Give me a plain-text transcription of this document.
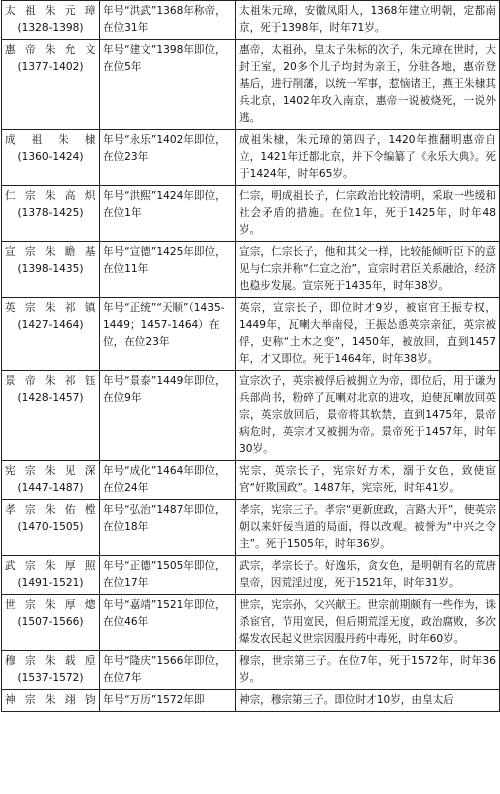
太祖朱元璋
(1328-1398)	年号“洪武”1368年称帝，在位31年	太祖朱元璋，安徽凤阳人，1368年建立明朝，定都南京，死于1398年，时年71岁。

惠帝朱允文
(1377-1402)	年号“建文”1398年即位，在位5年	惠帝，太祖孙，皇太子朱标的次子，朱元璋在世时，大封王室，20多个儿子均封为亲王，分驻各地，惠帝登基后，进行削藩，以统一军事，惹恼诸王，燕王朱棣其兵北京，1402年攻入南京，惠帝一说被烧死，一说外逃。

成祖朱棣
(1360-1424)	年号“永乐”1402年即位，在位23年	成祖朱棣，朱元璋的第四子，1420年推翻明惠帝自立，1421年迁都北京，并下令编纂了《永乐大典》。死于1424年，时年65岁。

仁宗朱高炽
(1378-1425)	年号“洪熙”1424年即位，在位1年	仁宗，明成祖长子，仁宗政治比较清明，采取一些缓和社会矛盾的措施。在位1年，死于1425年，时年48岁。

宣宗朱瞻基
(1398-1435)	年号“宣德”1425年即位，在位11年	宣宗，仁宗长子，他和其父一样，比较能倾听臣下的意见与仁宗并称“仁宣之治”，宣宗时君臣关系融洽，经济也稳步发展。宣宗死于1435年，时年38岁。

英宗朱祁镇
(1427-1464)	年号“正统”“天顺”（1435-1449；1457-1464）在位，在位23年	英宗，宣宗长子，即位时才9岁，被宦官王振专权，1449年，瓦喇大举南侵，王振怂恿英宗亲征，英宗被俘，史称“土木之变”，1450年，被放回，直到1457年，才又即位。死于1464年，时年38岁。

景帝朱祁钰
(1428-1457)	年号“景泰”1449年即位，在位9年	宣宗次子，英宗被俘后被拥立为帝，即位后，用于谦为兵部尚书，粉碎了瓦喇对北京的进攻，迫使瓦喇放回英宗，英宗放回后，景帝将其软禁，直到1475年，景帝病危时，英宗才又被拥为帝。景帝死于1457年，时年30岁。

宪宗朱见深
(1447-1487)	年号“成化”1464年即位，在位24年	宪宗，英宗长子，宪宗好方术，溺于女色，致使宦官“奸欺国政”。1487年，宪宗死，时年41岁。

孝宗朱佑樘
(1470-1505)	年号“弘治”1487年即位，在位18年	孝宗，宪宗三子。孝宗“更新庶政，言路大开”，使英宗朝以来奸佞当道的局面，得以改观。被誉为“中兴之令主”。死于1505年，时年36岁。

武宗朱厚照
(1491-1521)	年号“正德”1505年即位，在位17年	武宗，孝宗长子。好逸乐，贪女色，是明朝有名的荒唐皇帝，因荒淫过度，死于1521年，时年31岁。

世宗朱厚熜
(1507-1566)	年号“嘉靖”1521年即位，在位46年	世宗，宪宗孙，父兴献王。世宗前期颇有一些作为，诛杀宦官，节用宽民，但后期荒淫无度，政治腐败，多次爆发农民起义世宗因服丹药中毒死，时年60岁。

穆宗朱载垕
(1537-1572)	年号“隆庆”1566年即位，在位7年	穆宗，世宗第三子。在位7年，死于1572年，时年36岁。

神宗朱翊钧	年号“万历”1572年即	神宗，穆宗第三子。即位时才10岁，由皇太后
